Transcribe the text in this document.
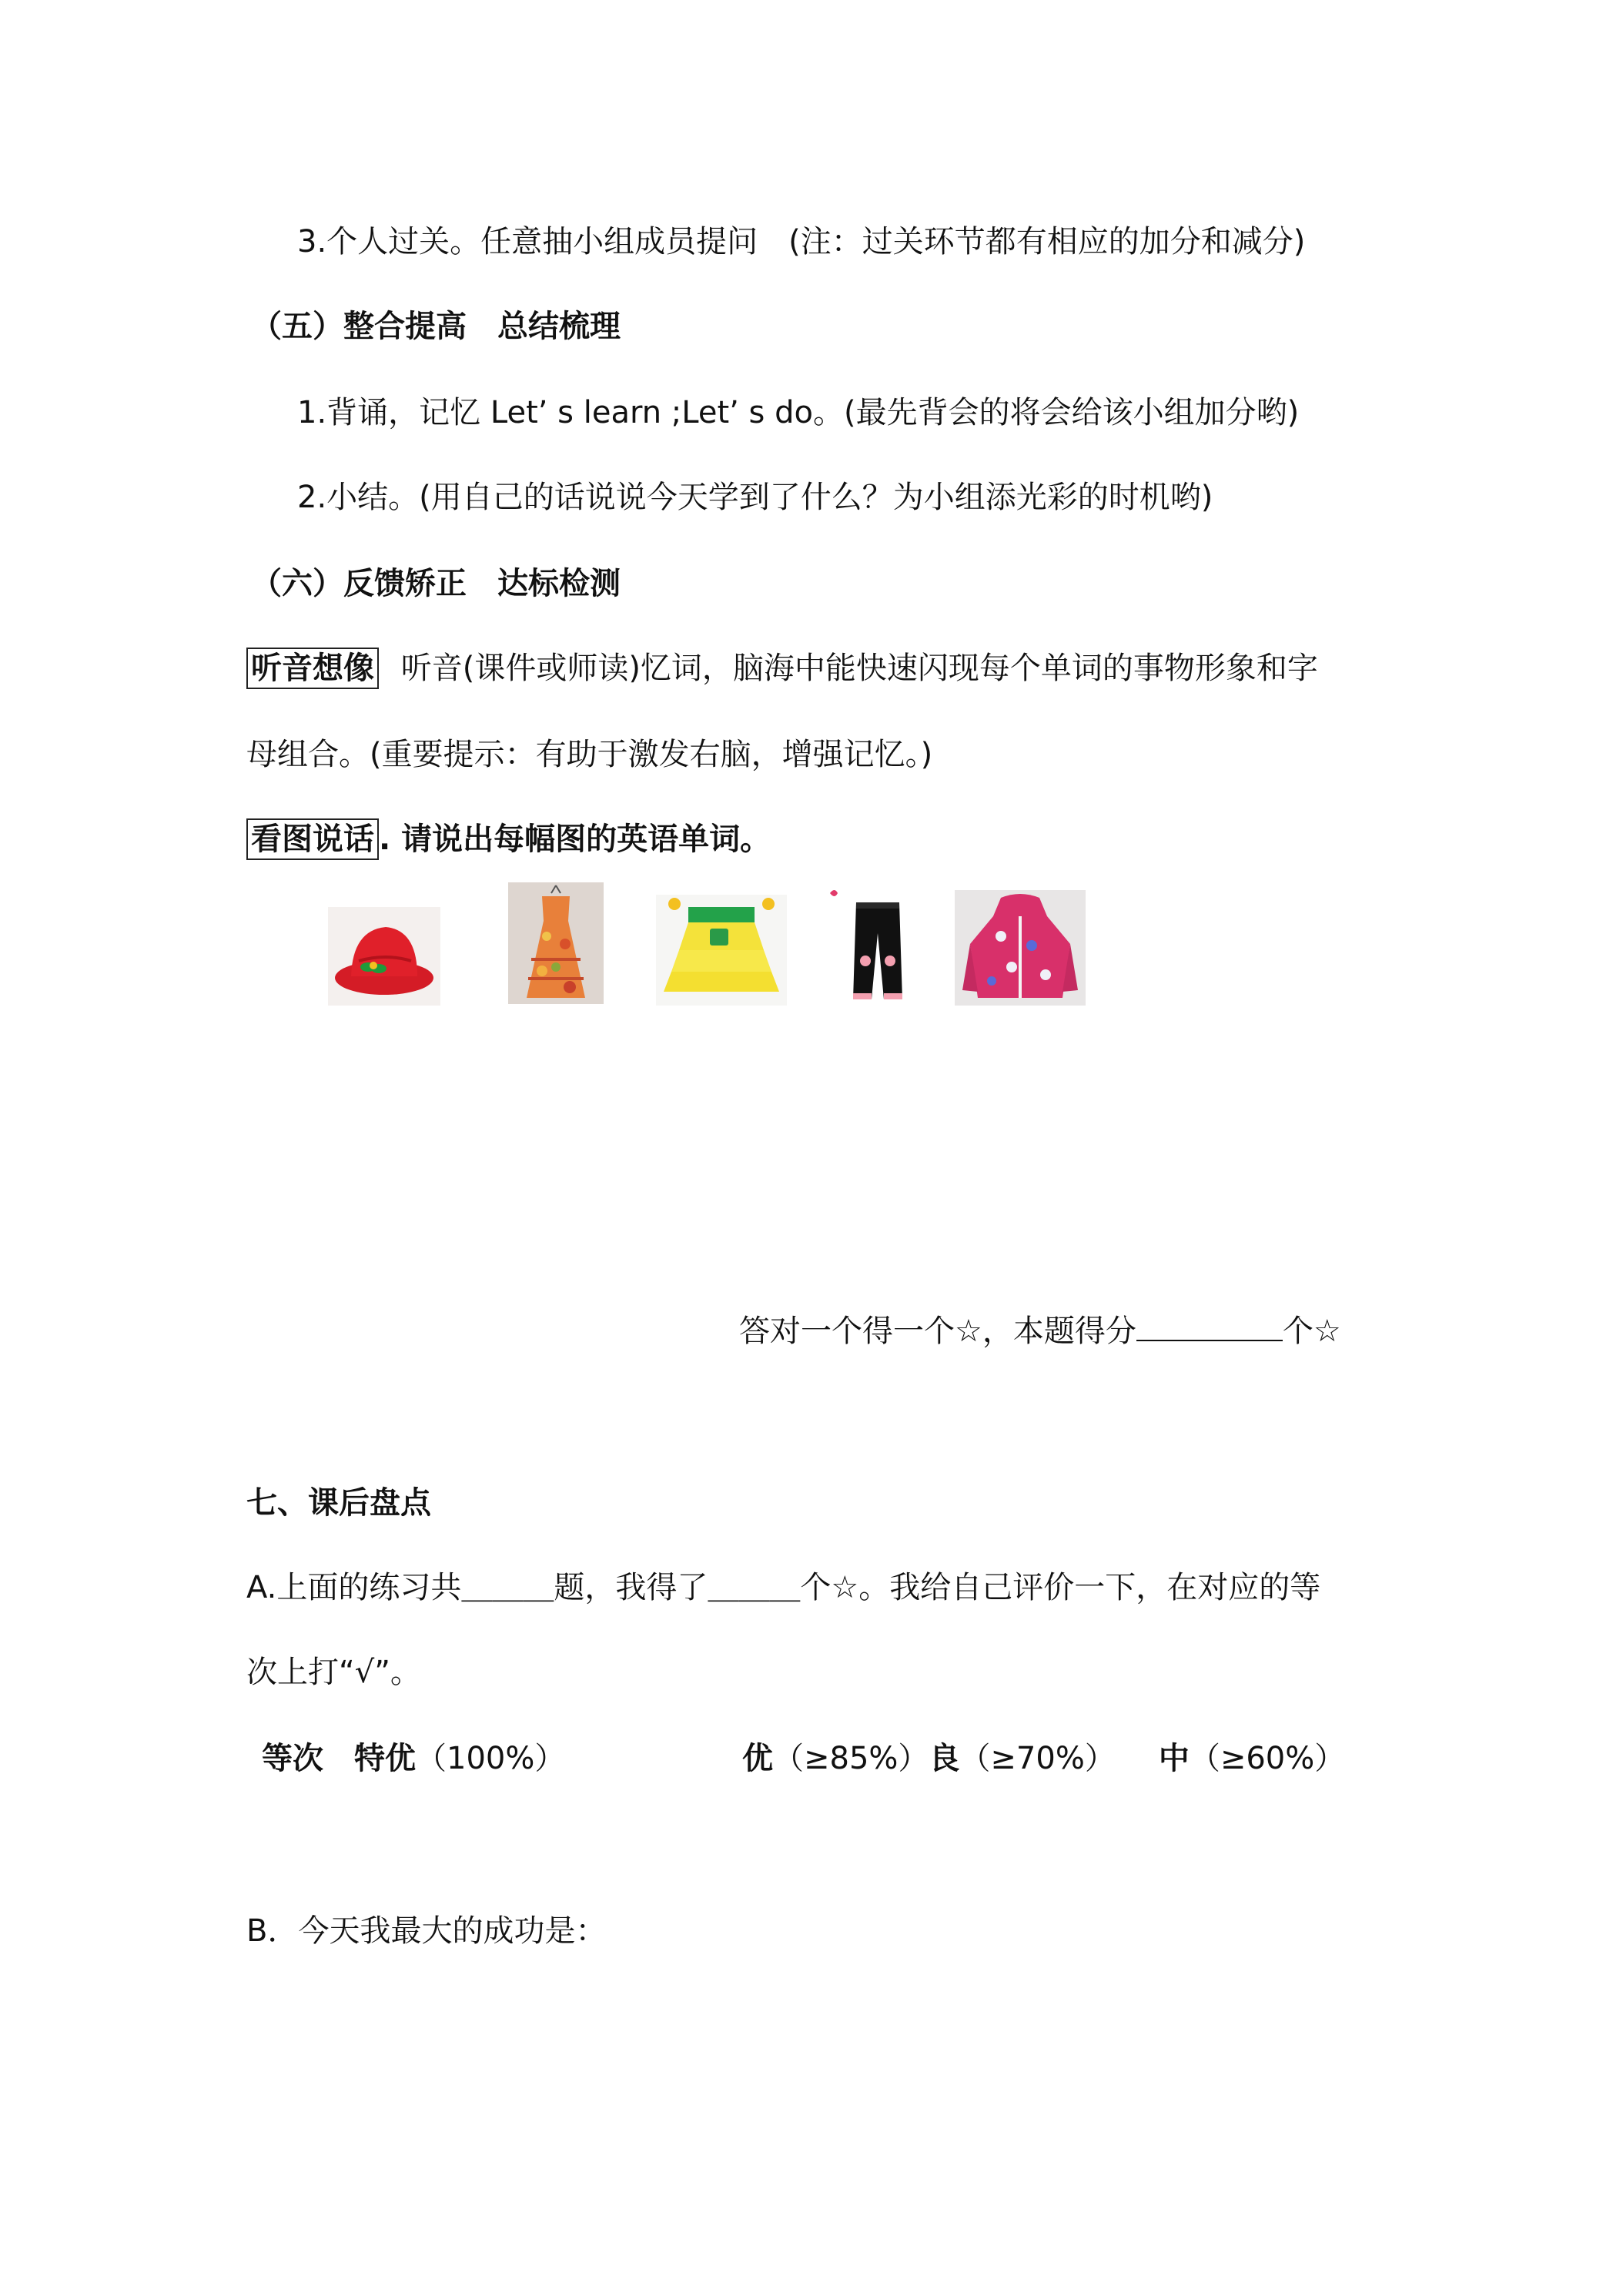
3.个人过关。任意抽小组成员提问　(注：过关环节都有相应的加分和减分)
（五）整合提高　总结梳理
1.背诵，记忆 Let’ s learn ;Let’ s do。(最先背会的将会给该小组加分哟)
2.小结。(用自己的话说说今天学到了什么？为小组添光彩的时机哟)
（六）反馈矫正　达标检测
听音想像 听音(课件或师读)忆词，脑海中能快速闪现每个单词的事物形象和字
母组合。(重要提示：有助于激发右脑，增强记忆。)
看图说话 . 请说出每幅图的英语单词。
答对一个得一个☆，本题得分	个☆
七、课后盘点
A.上面的练习共＿＿＿题，我得了＿＿＿个☆。我给自己评价一下，在对应的等
次上打“√”。
等次 特优（100%）	优（≥85%）良（≥70%） 中（≥60%）
B．今天我最大的成功是：
